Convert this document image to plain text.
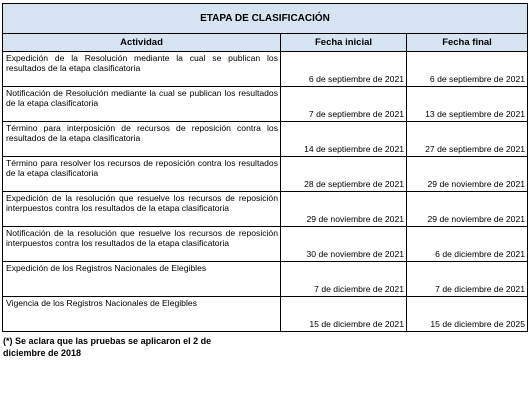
ETAPA DE CLASIFICACIÓN		
Actividad	Fecha inicial	Fecha final
Expedición de la Resolución mediante la cual se publican los resultados de la etapa clasificatoria	6 de septiembre de 2021	6 de septiembre de 2021
Notificación de Resolución mediante la cual se publican los resultados de la etapa clasificatoria	7 de septiembre de 2021	13 de septiembre de 2021
Término para interposición de recursos de reposición contra los resultados de la etapa clasificatoria	14 de septiembre de 2021	27 de septiembre de 2021
Término para resolver los recursos de reposición contra los resultados de la etapa clasificatoria	28 de septiembre de 2021	29 de noviembre de 2021
Expedición de la resolución que resuelve los recursos de reposición interpuestos contra los resultados de la etapa clasificatoria	29 de noviembre de 2021	29 de noviembre de 2021
Notificación de la resolución que resuelve los recursos de reposición interpuestos contra los resultados de la etapa clasificatoria	30 de noviembre de 2021	6 de diciembre de 2021
Expedición de los Registros Nacionales de Elegibles	7 de diciembre de 2021	7 de diciembre de 2021
Vigencia de los Registros Nacionales de Elegibles	15 de diciembre de 2021	15 de diciembre de 2025
(*) Se aclara que las pruebas se aplicaron el 2 de diciembre de 2018
